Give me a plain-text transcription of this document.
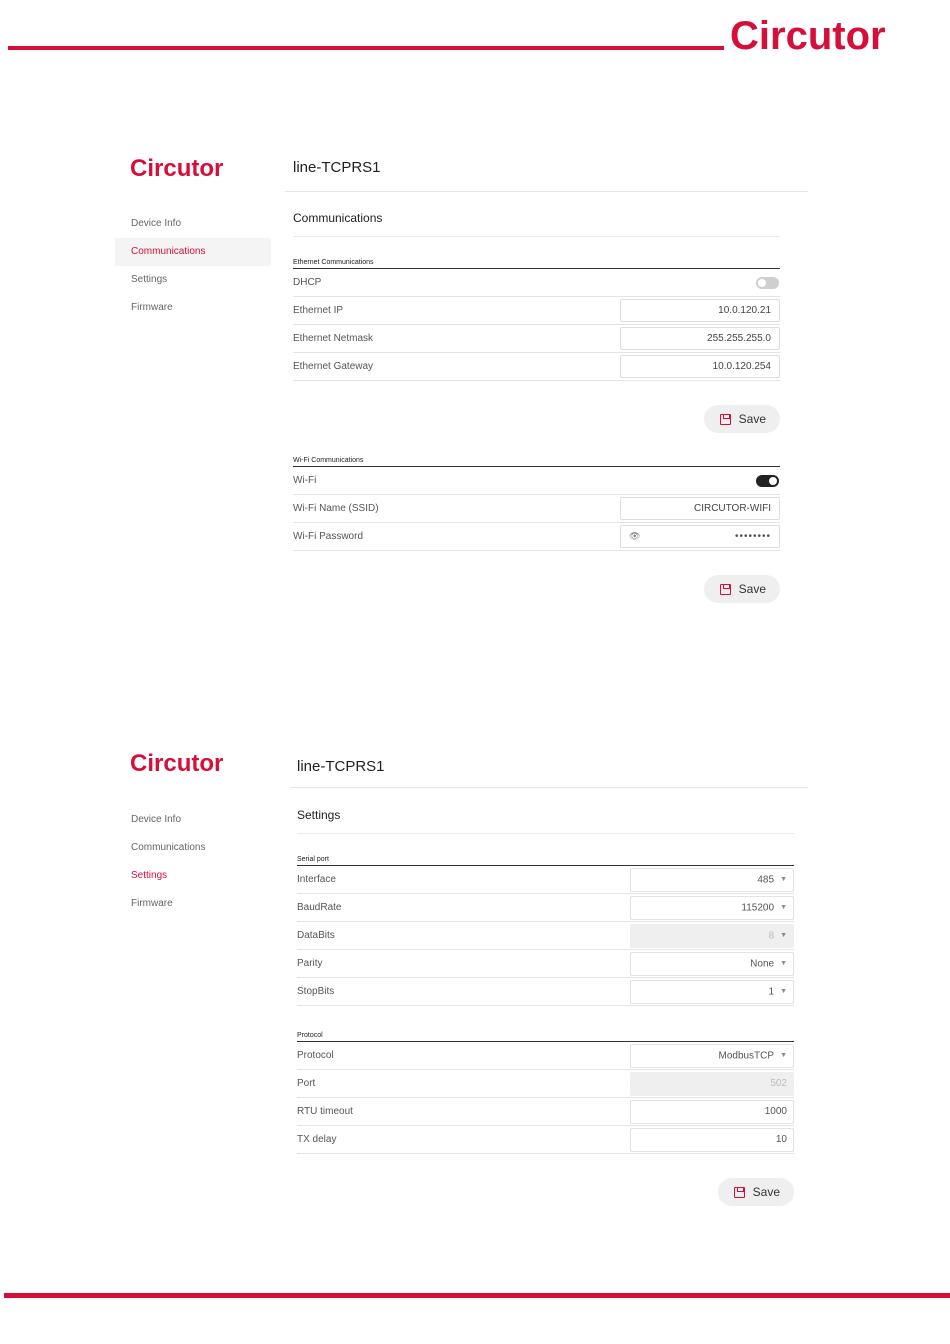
Circutor
Circutor	line-TCPRS1
Device Info
Communications
Settings
Firmware
Communications
Ethernet Communications
DHCP
Ethernet IP	10.0.120.21
Ethernet Netmask	255.255.255.0
Ethernet Gateway	10.0.120.254
Save
Wi-Fi Communications
Wi-Fi
Wi-Fi Name (SSID)	CIRCUTOR-WIFI
Wi-Fi Password	👁	••••••••
Save
Circutor	line-TCPRS1
Device Info
Communications
Settings
Firmware
Settings
Serial port
Interface	485 ▼
BaudRate	115200 ▼
DataBits	8 ▼
Parity	None ▼
StopBits	1 ▼
Protocol
Protocol	ModbusTCP ▼
Port	502
RTU timeout	1000
TX delay	10
Save
